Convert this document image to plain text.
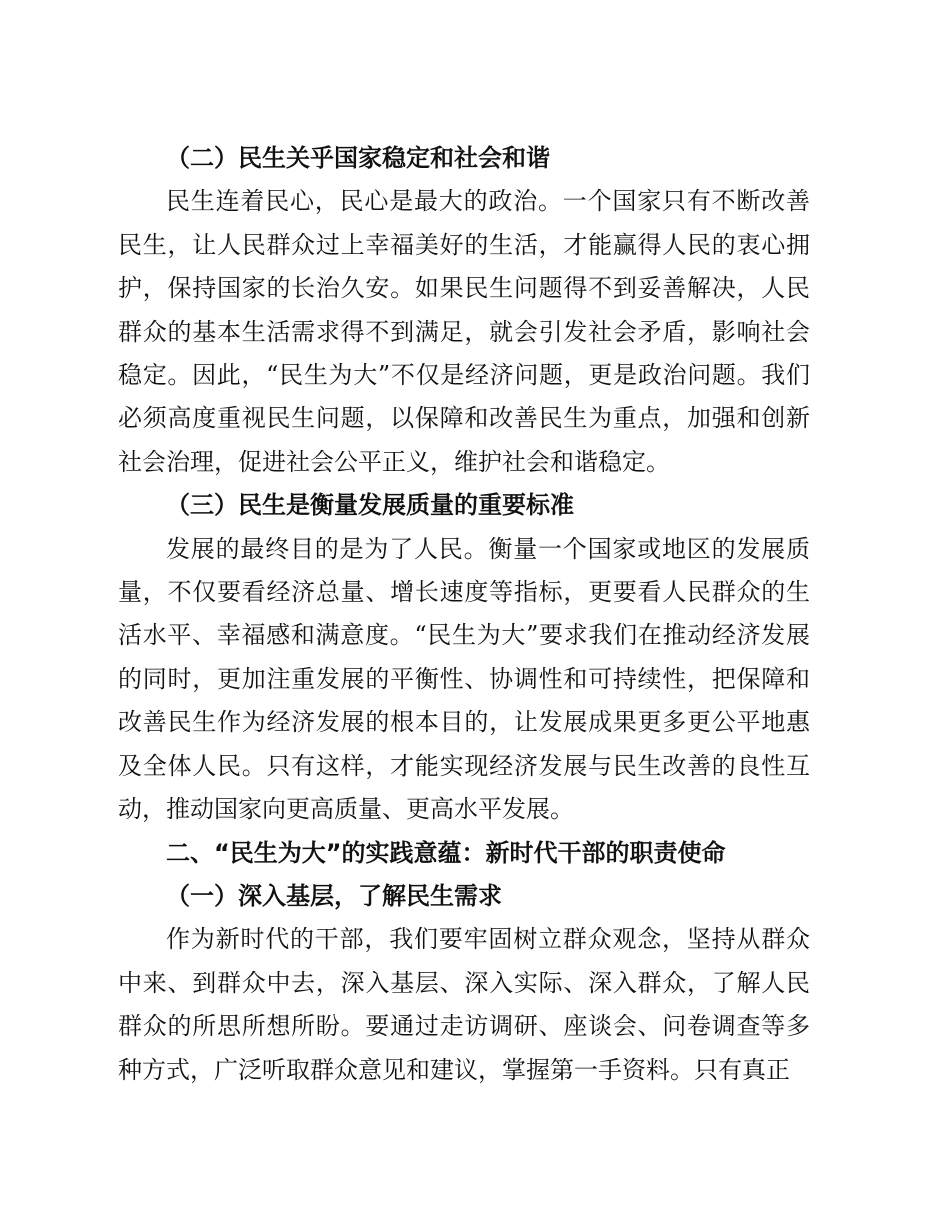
（二）民生关乎国家稳定和社会和谐

民生连着民心，民心是最大的政治。一个国家只有不断改善民生，让人民群众过上幸福美好的生活，才能赢得人民的衷心拥护，保持国家的长治久安。如果民生问题得不到妥善解决，人民群众的基本生活需求得不到满足，就会引发社会矛盾，影响社会稳定。因此，“民生为大”不仅是经济问题，更是政治问题。我们必须高度重视民生问题，以保障和改善民生为重点，加强和创新社会治理，促进社会公平正义，维护社会和谐稳定。

（三）民生是衡量发展质量的重要标准

发展的最终目的是为了人民。衡量一个国家或地区的发展质量，不仅要看经济总量、增长速度等指标，更要看人民群众的生活水平、幸福感和满意度。“民生为大”要求我们在推动经济发展的同时，更加注重发展的平衡性、协调性和可持续性，把保障和改善民生作为经济发展的根本目的，让发展成果更多更公平地惠及全体人民。只有这样，才能实现经济发展与民生改善的良性互动，推动国家向更高质量、更高水平发展。

二、“民生为大”的实践意蕴：新时代干部的职责使命

（一）深入基层，了解民生需求

作为新时代的干部，我们要牢固树立群众观念，坚持从群众中来、到群众中去，深入基层、深入实际、深入群众，了解人民群众的所思所想所盼。要通过走访调研、座谈会、问卷调查等多种方式，广泛听取群众意见和建议，掌握第一手资料。只有真正
